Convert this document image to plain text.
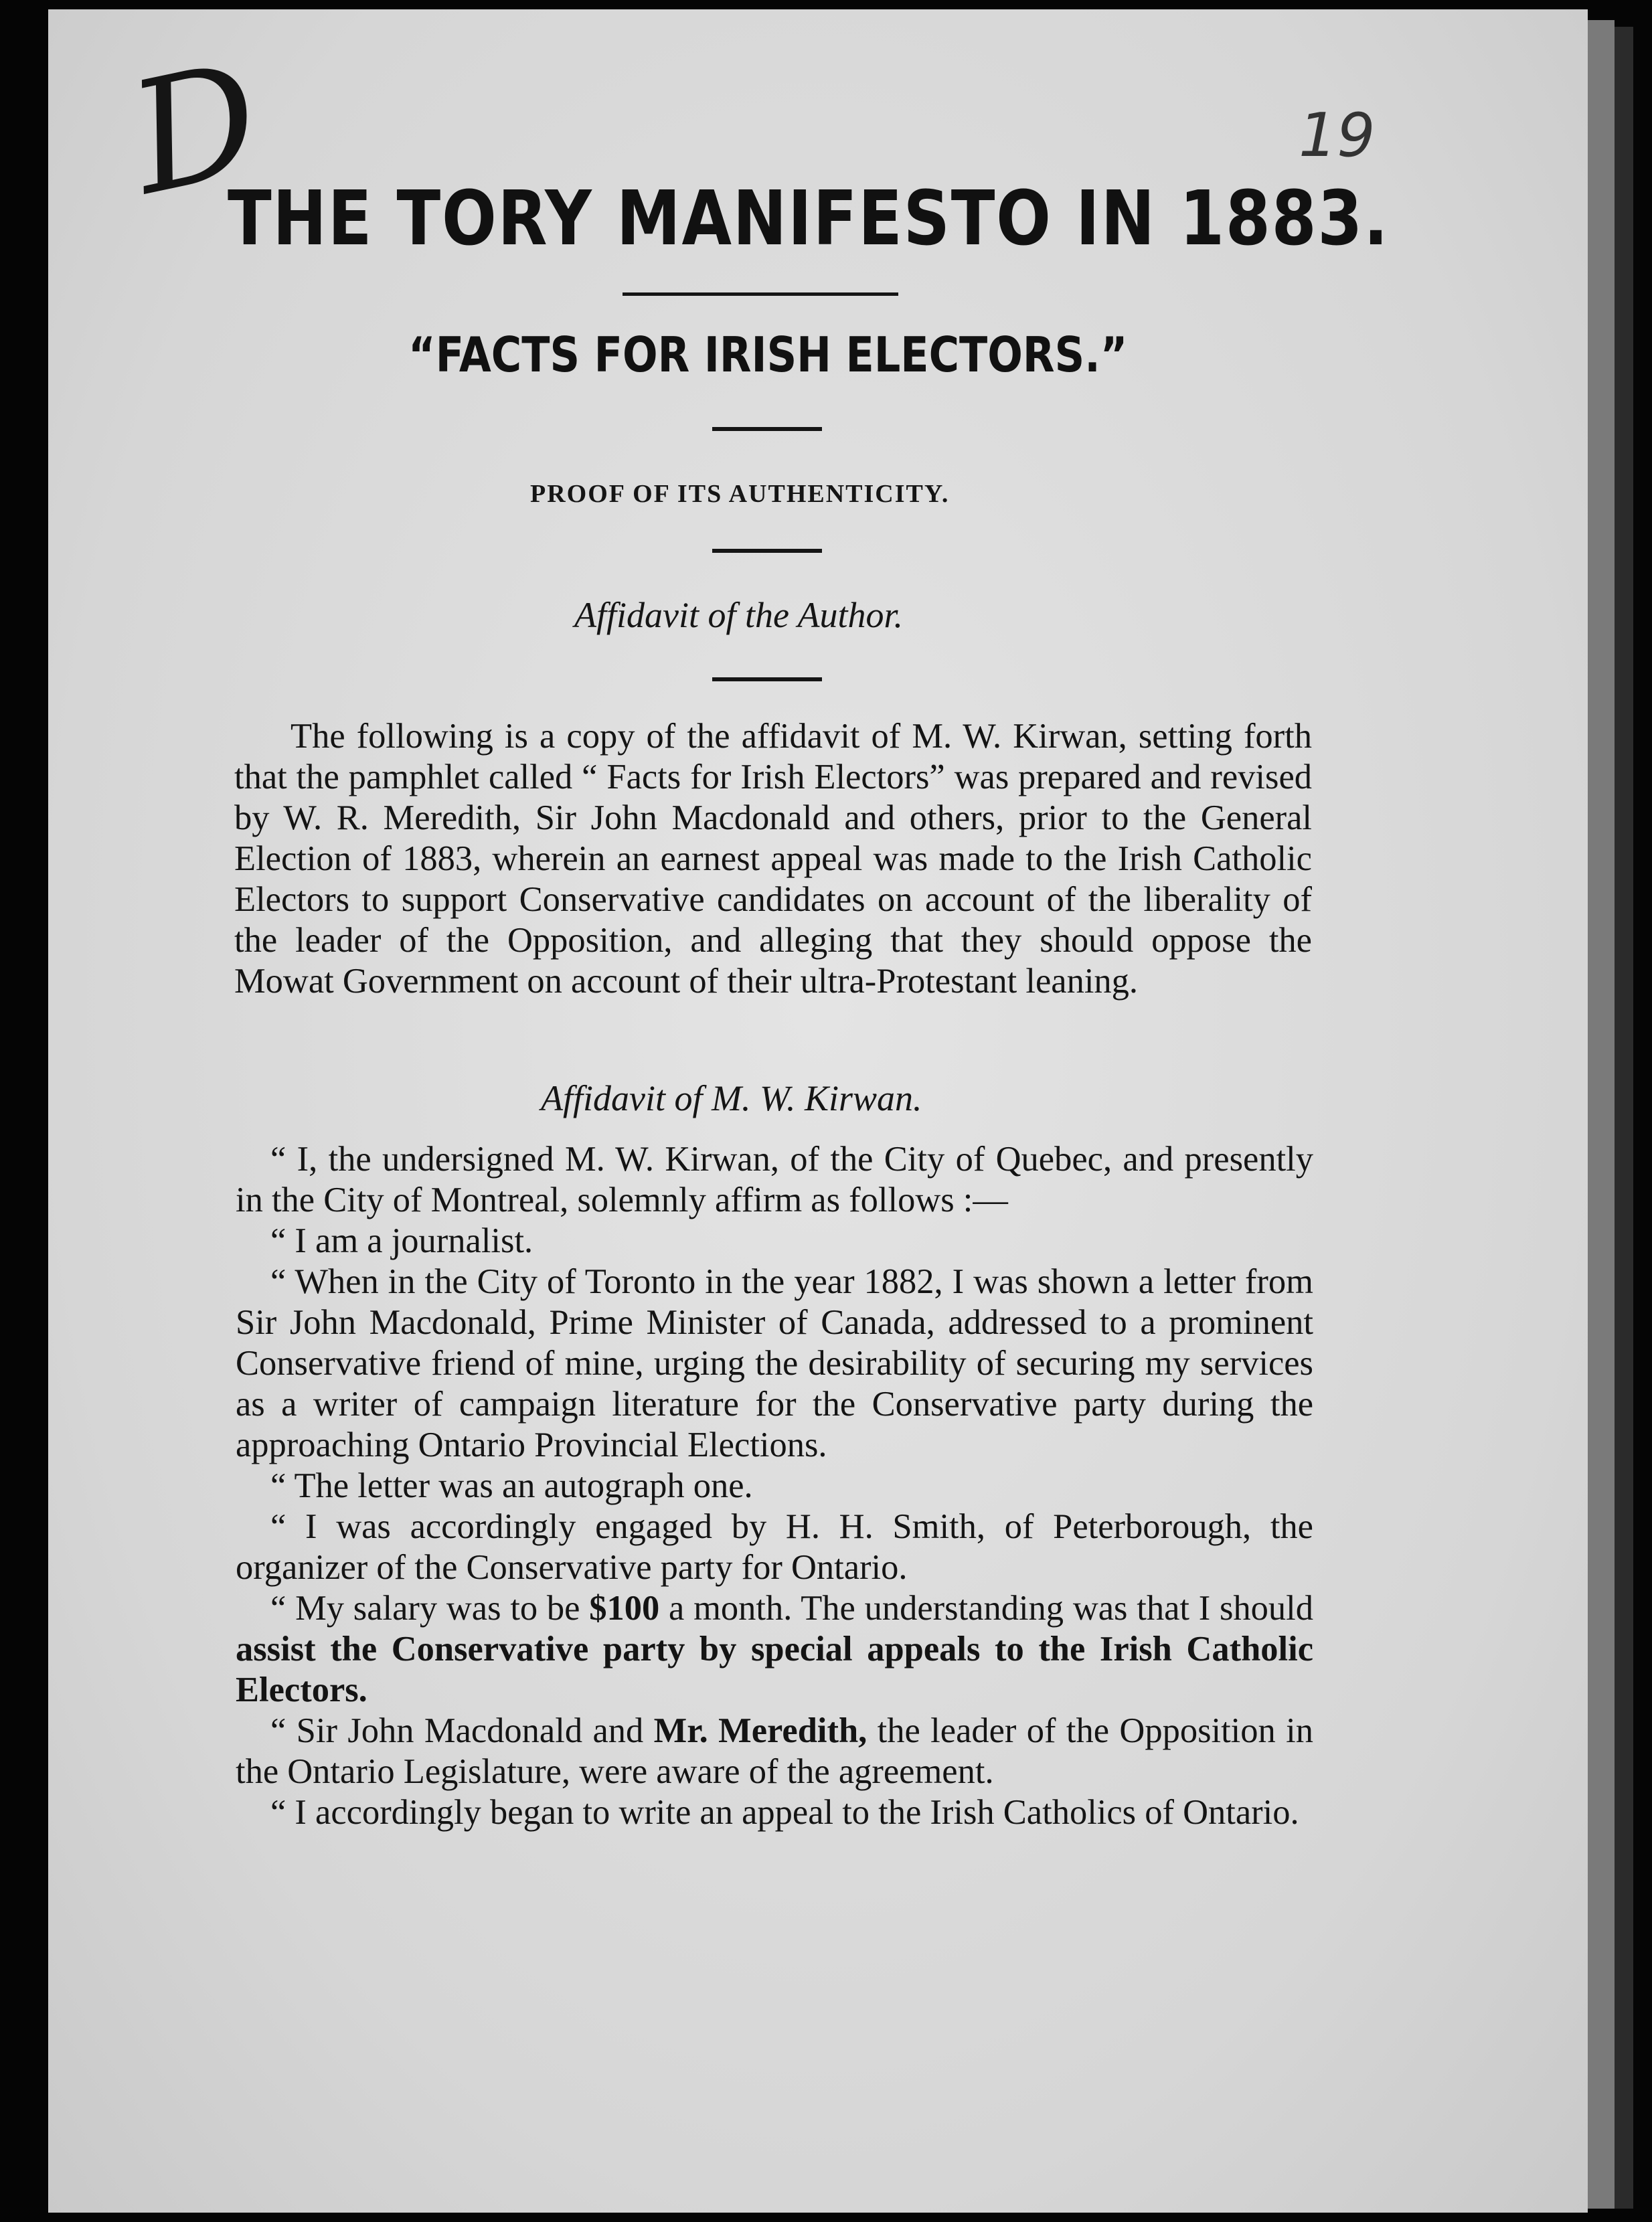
D	19
THE TORY MANIFESTO IN 1883.
“FACTS FOR IRISH ELECTORS.”
PROOF OF ITS AUTHENTICITY.
Affidavit of the Author.

The following is a copy of the affidavit of M. W. Kirwan, setting forth that the pamphlet called “ Facts for Irish Electors” was prepared and revised by W. R. Meredith, Sir John Macdonald and others, prior to the General Election of 1883, wherein an earnest appeal was made to the Irish Catholic Electors to support Conservative candidates on account of the liberality of the leader of the Opposition, and alleging that they should oppose the Mowat Government on account of their ultra-Protestant leaning.

Affidavit of M. W. Kirwan.

“ I, the undersigned M. W. Kirwan, of the City of Quebec, and presently in the City of Montreal, solemnly affirm as follows :—

“ I am a journalist.

“ When in the City of Toronto in the year 1882, I was shown a letter from Sir John Macdonald, Prime Minister of Canada, addressed to a prominent Conservative friend of mine, urging the desirability of securing my services as a writer of campaign literature for the Conservative party during the approaching Ontario Provincial Elections.

“ The letter was an autograph one.

“ I was accordingly engaged by H. H. Smith, of Peterborough, the organizer of the Conservative party for Ontario.

“ My salary was to be $100 a month. The understanding was that I should assist the Conservative party by special appeals to the Irish Catholic Electors.

“ Sir John Macdonald and Mr. Meredith, the leader of the Opposition in the Ontario Legislature, were aware of the agreement.

“ I accordingly began to write an appeal to the Irish Catholics of Ontario.
